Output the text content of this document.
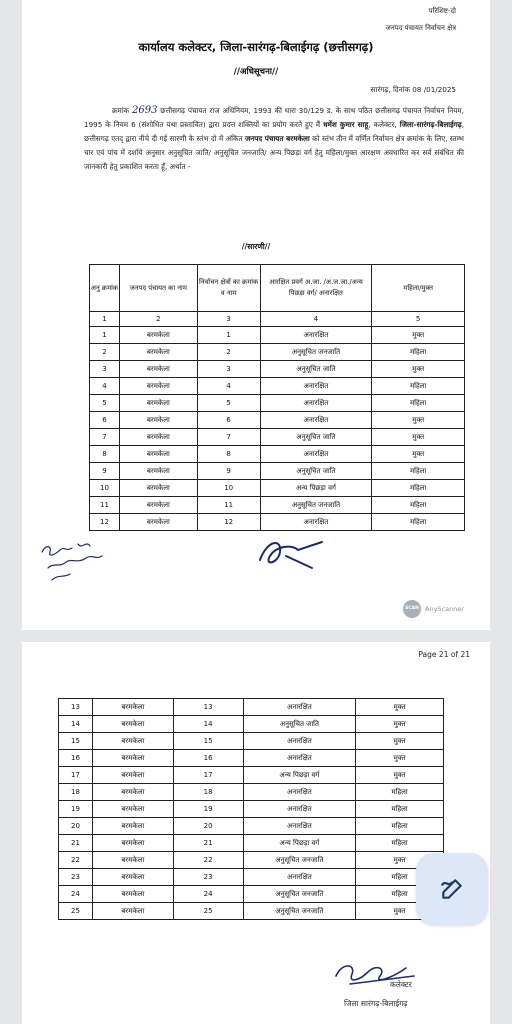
परिशिष्ट-दो
जनपद पंचायत निर्वाचन क्षेत्र
कार्यालय कलेक्टर, जिला-सारंगढ़-बिलाईगढ़ (छत्तीसगढ़)
//अधिसूचना//
सारंगढ़, दिनांक 08 /01/2025
क्रमांक 2693 छत्तीसगढ़ पंचायत राज अधिनियम, 1993 की धारा 30/129 ड. के साथ पठित छत्तीसगढ़ पंचायत निर्वाचन नियम, 1995 के नियम 6 (संशोधित यथा प्रस्तावित) द्वारा प्रदत्त शक्तियों का प्रयोग करते हुए मैं धर्मेश कुमार साहू, कलेक्टर, जिला-सारंगढ़-बिलाईगढ़, छत्तीसगढ़ एतद् द्वारा नीचे दी गई सारणी के स्तंभ दो में अंकित जनपद पंचायत बरमकेला को स्तंभ तीन में वर्णित निर्वाचन क्षेत्र क्रमांक के लिए, स्तम्भ चार एवं पांच में दर्शाये अनुसार अनुसूचित जाति/ अनुसूचित जनजाति/ अन्य पिछड़ा वर्ग हेतु महिला/मुक्त आरक्षण अवधारित कर सर्व संबंधित की जानकारी हेतु प्रकाशित करता हूँ, अर्थात -
//सारणी//
अनु क्रमांक	जनपद पंचायत का नाम	निर्वाचन क्षेत्रों का क्रमांक व नाम	आरक्षित प्रवर्ग अ.जा. /अ.ज.जा./अन्य पिछड़ा वर्ग/ अनारक्षित	महिला/मुक्त
1	2	3	4	5
1	बरमकेला	1	अनारक्षित	मुक्त
2	बरमकेला	2	अनुसूचित जनजाति	महिला
3	बरमकेला	3	अनुसूचित जाति	मुक्त
4	बरमकेला	4	अनारक्षित	महिला
5	बरमकेला	5	अनारक्षित	महिला
6	बरमकेला	6	अनारक्षित	मुक्त
7	बरमकेला	7	अनुसूचित जाति	मुक्त
8	बरमकेला	8	अनारक्षित	मुक्त
9	बरमकेला	9	अनुसूचित जाति	महिला
10	बरमकेला	10	अन्य पिछड़ा वर्ग	महिला
11	बरमकेला	11	अनुसूचित जनजाति	महिला
12	बरमकेला	12	अनारक्षित	महिला
SCAN AnyScanner
Page 21 of 21
13	बरमकेला	13	अनारक्षित	मुक्त
14	बरमकेला	14	अनुसूचित जाति	मुक्त
15	बरमकेला	15	अनारक्षित	मुक्त
16	बरमकेला	16	अनारक्षित	मुक्त
17	बरमकेला	17	अन्य पिछड़ा वर्ग	मुक्त
18	बरमकेला	18	अनारक्षित	महिला
19	बरमकेला	19	अनारक्षित	महिला
20	बरमकेला	20	अनारक्षित	महिला
21	बरमकेला	21	अन्य पिछड़ा वर्ग	महिला
22	बरमकेला	22	अनुसूचित जनजाति	मुक्त
23	बरमकेला	23	अनारक्षित	महिला
24	बरमकेला	24	अनुसूचित जनजाति	महिला
25	बरमकेला	25	अनुसूचित जनजाति	मुक्त
कलेक्टर
जिला सारंगढ़-बिलाईगढ़
